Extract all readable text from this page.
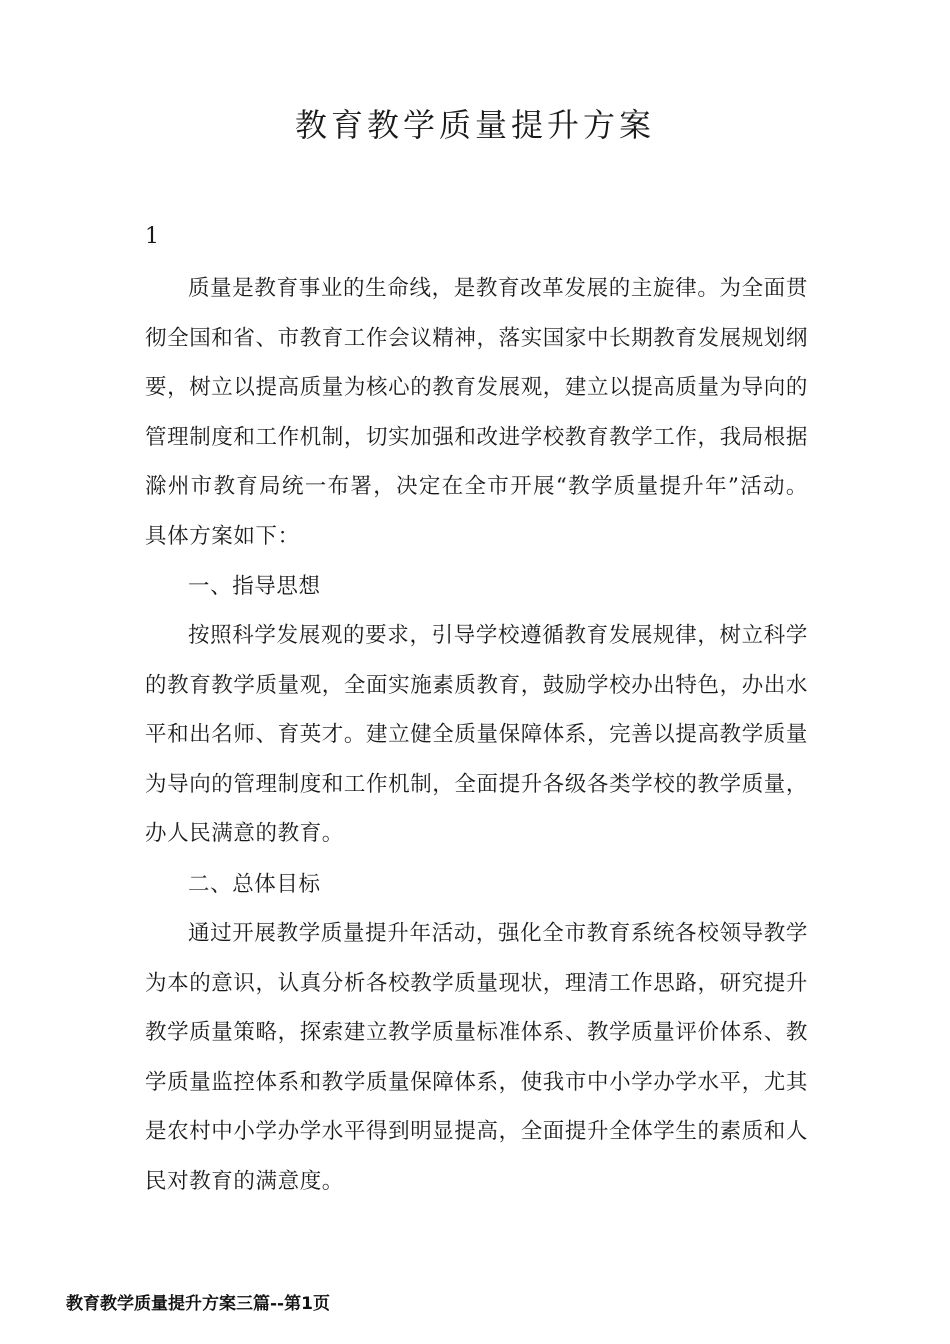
教育教学质量提升方案
1

质量是教育事业的生命线，是教育改革发展的主旋律。为全面贯彻全国和省、市教育工作会议精神，落实国家中长期教育发展规划纲要，树立以提高质量为核心的教育发展观，建立以提高质量为导向的管理制度和工作机制，切实加强和改进学校教育教学工作，我局根据滁州市教育局统一布署，决定在全市开展“教学质量提升年”活动。具体方案如下：

一、指导思想

按照科学发展观的要求，引导学校遵循教育发展规律，树立科学的教育教学质量观，全面实施素质教育，鼓励学校办出特色，办出水平和出名师、育英才。建立健全质量保障体系，完善以提高教学质量为导向的管理制度和工作机制，全面提升各级各类学校的教学质量，办人民满意的教育。

二、总体目标

通过开展教学质量提升年活动，强化全市教育系统各校领导教学为本的意识，认真分析各校教学质量现状，理清工作思路，研究提升教学质量策略，探索建立教学质量标准体系、教学质量评价体系、教学质量监控体系和教学质量保障体系，使我市中小学办学水平，尤其是农村中小学办学水平得到明显提高，全面提升全体学生的素质和人民对教育的满意度。

教育教学质量提升方案三篇--第1页
